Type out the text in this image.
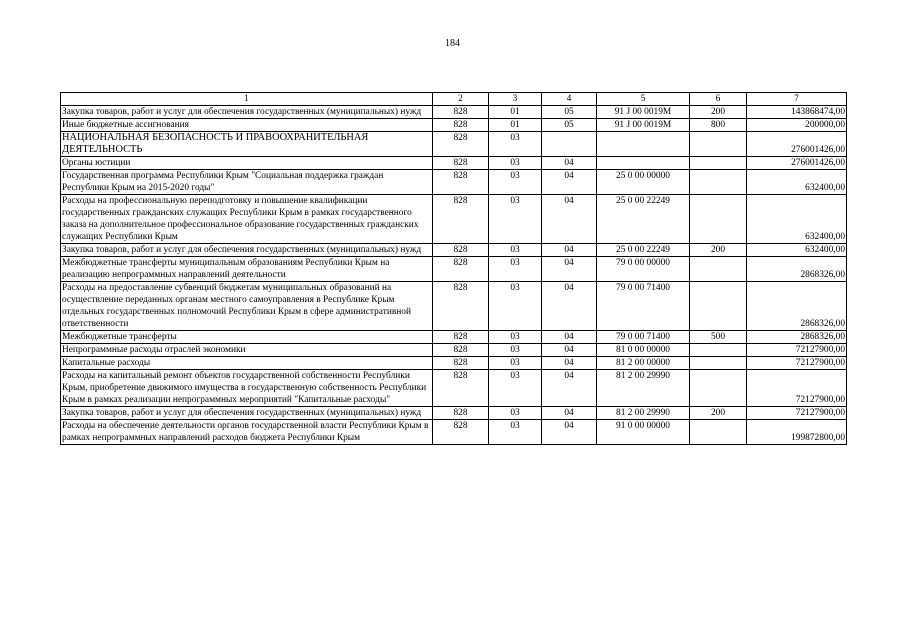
184
1	2	3	4	5	6	7
Закупка товаров, работ и услуг для обеспечения государственных (муниципальных) нужд	828	01	05	91 J 00 0019M	200	143868474,00
Иные бюджетные ассигнования	828	01	05	91 J 00 0019M	800	200000,00
НАЦИОНАЛЬНАЯ БЕЗОПАСНОСТЬ И ПРАВООХРАНИТЕЛЬНАЯ ДЕЯТЕЛЬНОСТЬ	828	03				276001426,00
Органы юстиции	828	03	04			276001426,00
Государственная программа Республики Крым "Социальная поддержка граждан Республики Крым на 2015-2020 годы"	828	03	04	25 0 00 00000		632400,00
Расходы на профессиональную переподготовку и повышение квалификации государственных гражданских служащих Республики Крым в рамках государственного заказа на дополнительное профессиональное образование государственных гражданских служащих Республики Крым	828	03	04	25 0 00 22249		632400,00
Закупка товаров, работ и услуг для обеспечения государственных (муниципальных) нужд	828	03	04	25 0 00 22249	200	632400,00
Межбюджетные трансферты муниципальным образованиям Республики Крым на реализацию непрограммных направлений деятельности	828	03	04	79 0 00 00000		2868326,00
Расходы на предоставление субвенций бюджетам муниципальных образований на осуществление переданных органам местного самоуправления в Республике Крым отдельных государственных полномочий Республики Крым в сфере административной ответственности	828	03	04	79 0 00 71400		2868326,00
Межбюджетные трансферты	828	03	04	79 0 00 71400	500	2868326,00
Непрограммные расходы отраслей экономики	828	03	04	81 0 00 00000		72127900,00
Капитальные расходы	828	03	04	81 2 00 00000		72127900,00
Расходы на капитальный ремонт объектов государственной собственности Республики Крым, приобретение движимого имущества в государственную собственность Республики Крым в рамках реализации непрограммных мероприятий "Капитальные расходы"	828	03	04	81 2 00 29990		72127900,00
Закупка товаров, работ и услуг для обеспечения государственных (муниципальных) нужд	828	03	04	81 2 00 29990	200	72127900,00
Расходы на обеспечение деятельности органов государственной власти Республики Крым в рамках непрограммных направлений расходов бюджета Республики Крым	828	03	04	91 0 00 00000		199872800,00
